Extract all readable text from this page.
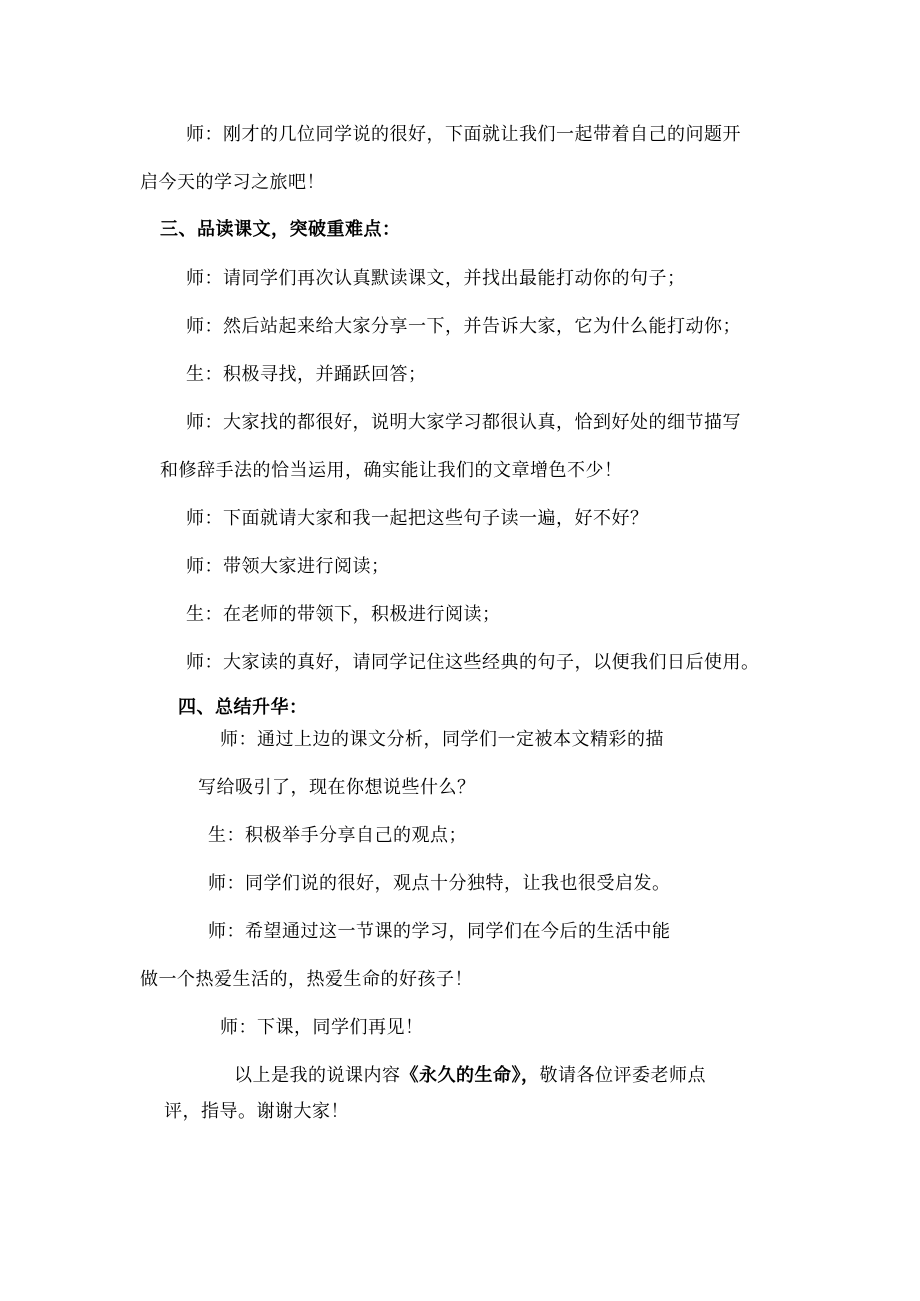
师：刚才的几位同学说的很好，下面就让我们一起带着自己的问题开
启今天的学习之旅吧！
三、品读课文，突破重难点：
师：请同学们再次认真默读课文，并找出最能打动你的句子；
师：然后站起来给大家分享一下，并告诉大家，它为什么能打动你；
生：积极寻找，并踊跃回答；
师：大家找的都很好，说明大家学习都很认真，恰到好处的细节描写
和修辞手法的恰当运用，确实能让我们的文章增色不少！
师：下面就请大家和我一起把这些句子读一遍，好不好？
师：带领大家进行阅读；
生：在老师的带领下，积极进行阅读；
师：大家读的真好，请同学记住这些经典的句子，以便我们日后使用。
四、总结升华：
师：通过上边的课文分析，同学们一定被本文精彩的描
写给吸引了，现在你想说些什么？
生：积极举手分享自己的观点；
师：同学们说的很好，观点十分独特，让我也很受启发。
师：希望通过这一节课的学习，同学们在今后的生活中能
做一个热爱生活的，热爱生命的好孩子！
师：下课，同学们再见！
以上是我的说课内容《永久的生命》，敬请各位评委老师点
评，指导。谢谢大家！
